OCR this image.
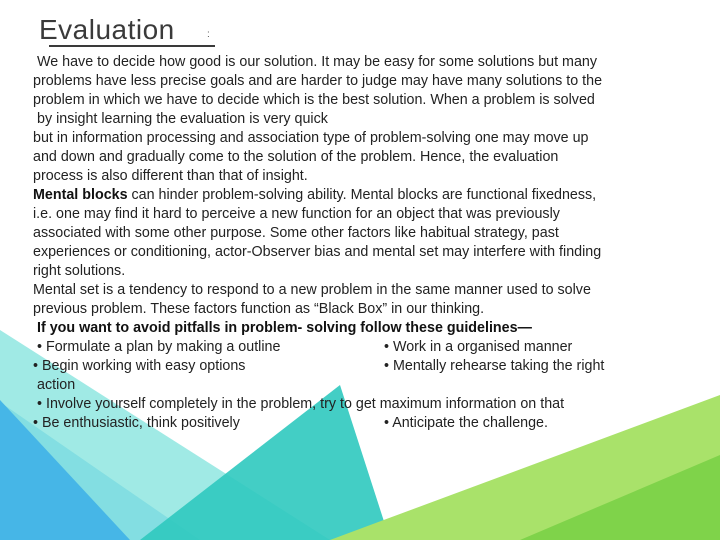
Evaluation	:
We have to decide how good is our solution. It may be easy for some solutions but many
problems have less precise goals and are harder to judge may have many solutions to the
problem in which we have to decide which is the best solution. When a problem is solved
by insight learning the evaluation is very quick
but in information processing and association type of problem-solving one may move up
and down and gradually come to the solution of the problem. Hence, the evaluation
process is also different than that of insight.
Mental blocks can hinder problem-solving ability. Mental blocks are functional fixedness,
i.e. one may find it hard to perceive a new function for an object that was previously
associated with some other purpose. Some other factors like habitual strategy, past
experiences or conditioning, actor-Observer bias and mental set may interfere with finding
right solutions.
Mental set is a tendency to respond to a new problem in the same manner used to solve
previous problem. These factors function as “Black Box” in our thinking.
If you want to avoid pitfalls in problem- solving follow these guidelines—
• Formulate a plan by making a outline	• Work in a organised manner
• Begin working with easy options	• Mentally rehearse taking the right
action
• Involve yourself completely in the problem, try to get maximum information on that
• Be enthusiastic, think positively	• Anticipate the challenge.
